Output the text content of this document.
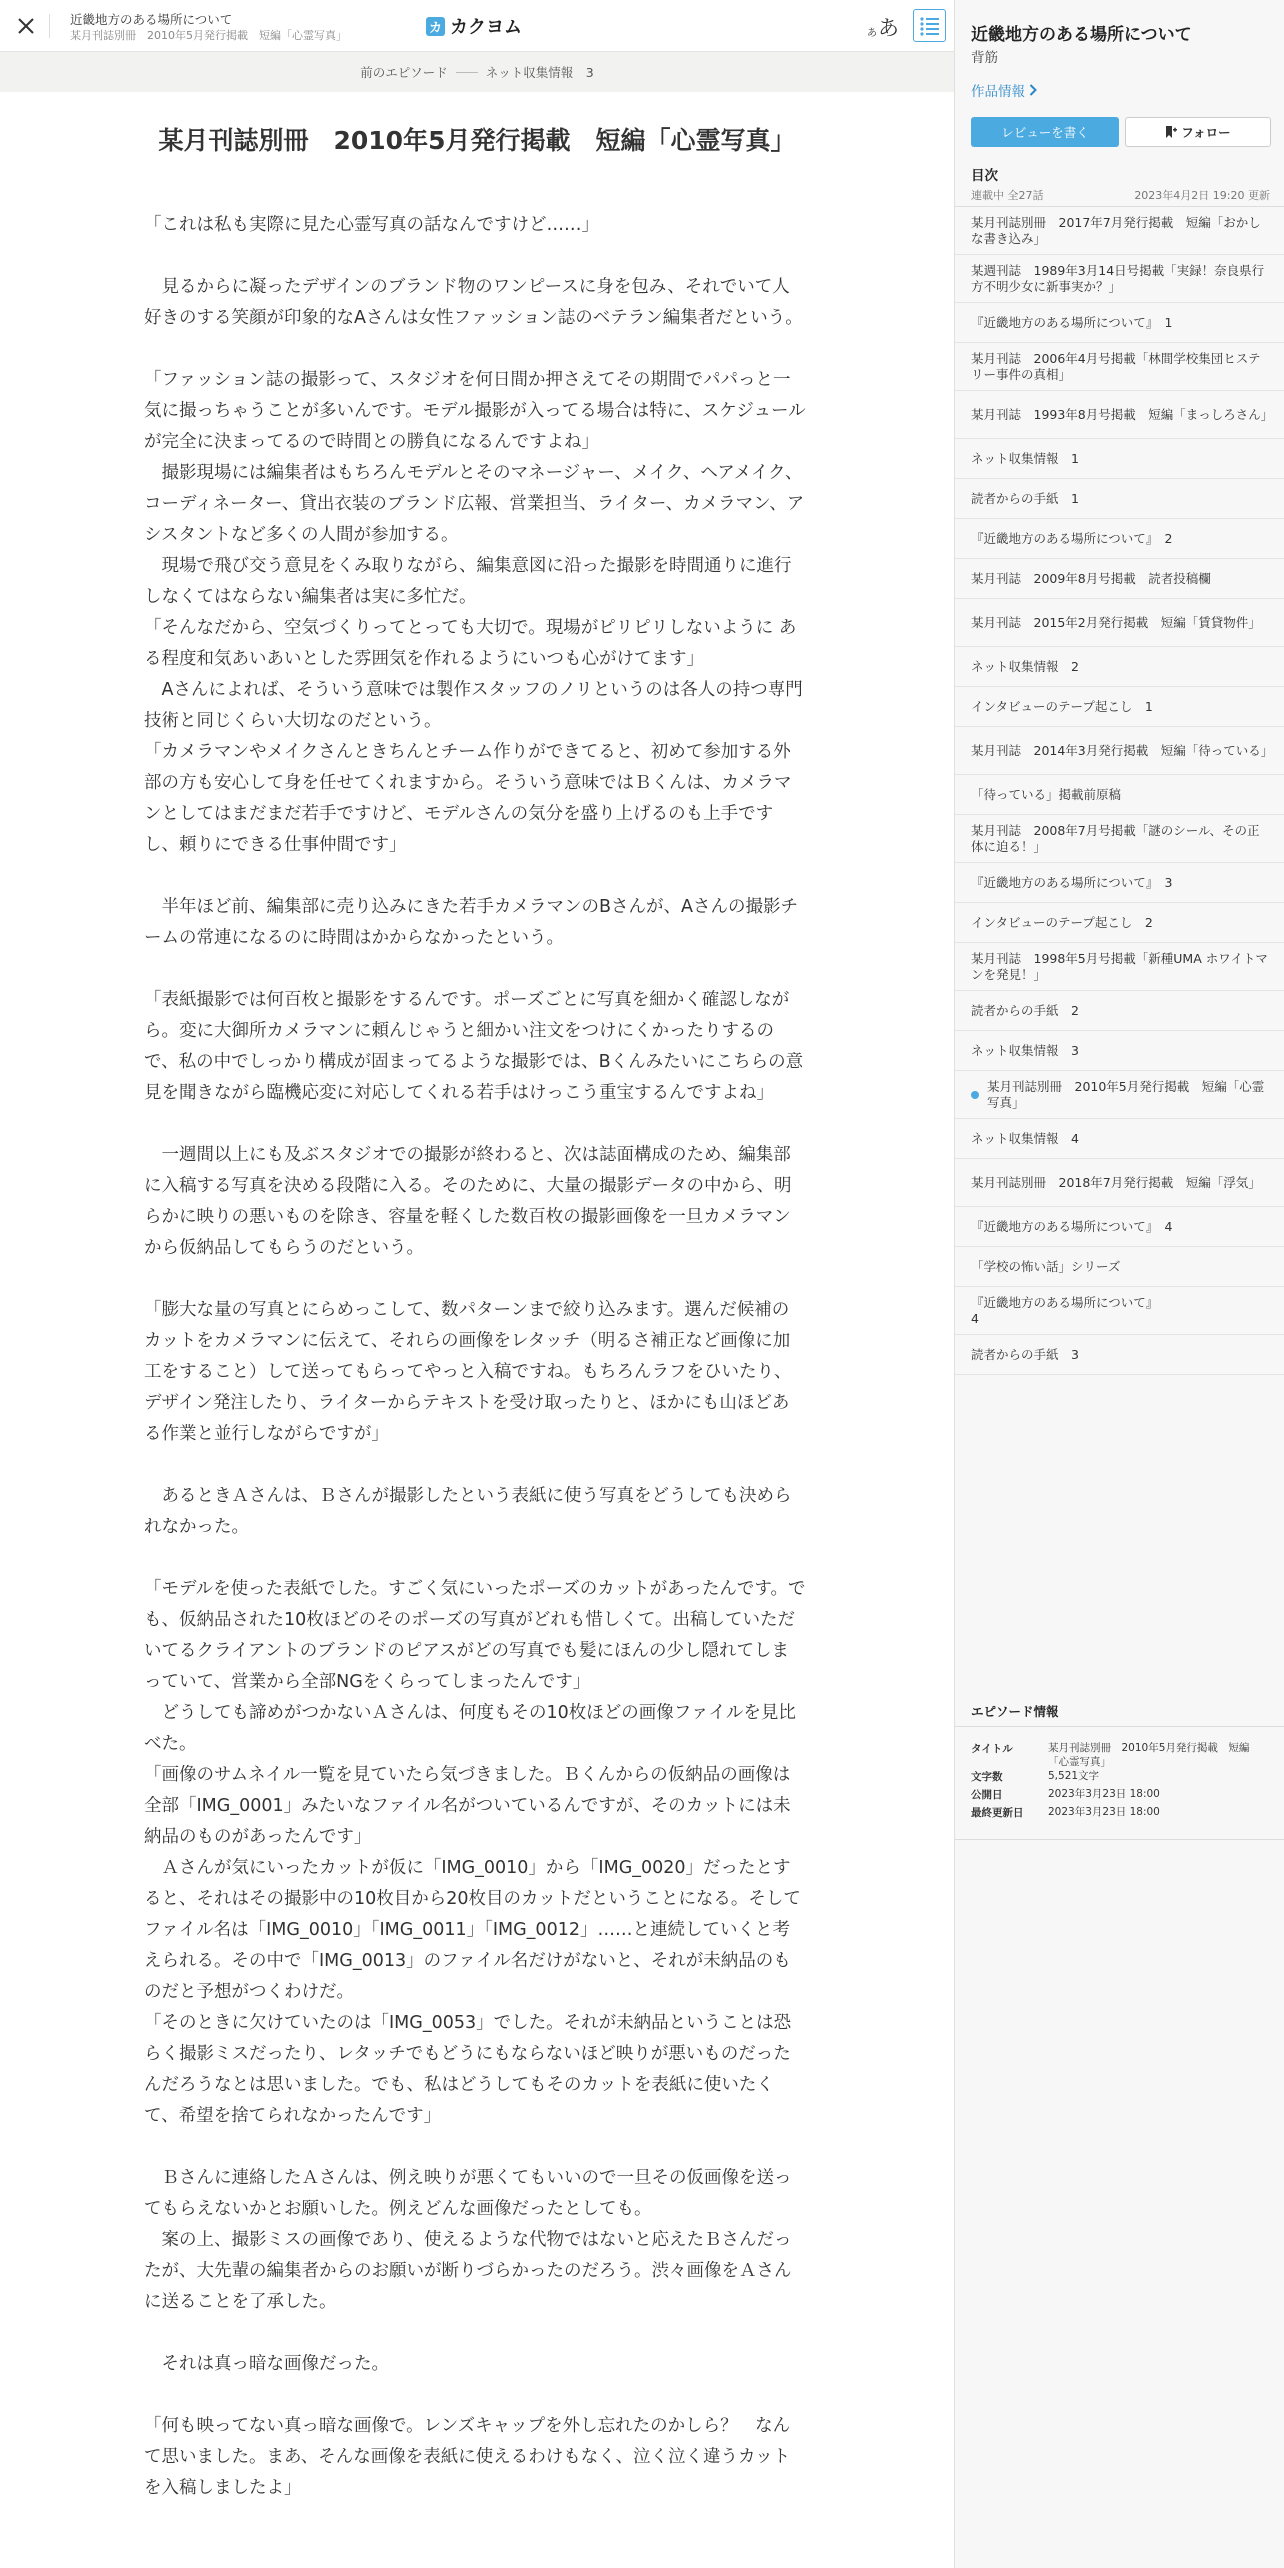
近畿地方のある場所について
某月刊誌別冊　2010年5月発行掲載　短編「心霊写真」	カ カクヨム	あ あ
前のエピソード	ネット収集情報　3
某月刊誌別冊　2010年5月発行掲載　短編「心霊写真」

「これは私も実際に見た心霊写真の話なんですけど……」

　見るからに凝ったデザインのブランド物のワンピースに身を包み、それでいて人好きのする笑顔が印象的なAさんは女性ファッション誌のベテラン編集者だという。

「ファッション誌の撮影って、スタジオを何日間か押さえてその期間でパパっと一気に撮っちゃうことが多いんです。モデル撮影が入ってる場合は特に、スケジュールが完全に決まってるので時間との勝負になるんですよね」

　撮影現場には編集者はもちろんモデルとそのマネージャー、メイク、ヘアメイク、コーディネーター、貸出衣装のブランド広報、営業担当、ライター、カメラマン、アシスタントなど多くの人間が参加する。

　現場で飛び交う意見をくみ取りながら、編集意図に沿った撮影を時間通りに進行しなくてはならない編集者は実に多忙だ。

「そんなだから、空気づくりってとっても大切で。現場がピリピリしないように ある程度和気あいあいとした雰囲気を作れるようにいつも心がけてます」

　Aさんによれば、そういう意味では製作スタッフのノリというのは各人の持つ専門技術と同じくらい大切なのだという。

「カメラマンやメイクさんときちんとチーム作りができてると、初めて参加する外部の方も安心して身を任せてくれますから。そういう意味ではＢくんは、カメラマンとしてはまだまだ若手ですけど、モデルさんの気分を盛り上げるのも上手ですし、頼りにできる仕事仲間です」

　半年ほど前、編集部に売り込みにきた若手カメラマンのBさんが、Aさんの撮影チームの常連になるのに時間はかからなかったという。

「表紙撮影では何百枚と撮影をするんです。ポーズごとに写真を細かく確認しながら。変に大御所カメラマンに頼んじゃうと細かい注文をつけにくかったりするので、私の中でしっかり構成が固まってるような撮影では、Bくんみたいにこちらの意見を聞きながら臨機応変に対応してくれる若手はけっこう重宝するんですよね」

　一週間以上にも及ぶスタジオでの撮影が終わると、次は誌面構成のため、編集部に入稿する写真を決める段階に入る。そのために、大量の撮影データの中から、明らかに映りの悪いものを除き、容量を軽くした数百枚の撮影画像を一旦カメラマンから仮納品してもらうのだという。

「膨大な量の写真とにらめっこして、数パターンまで絞り込みます。選んだ候補のカットをカメラマンに伝えて、それらの画像をレタッチ（明るさ補正など画像に加工をすること）して送ってもらってやっと入稿ですね。もちろんラフをひいたり、デザイン発注したり、ライターからテキストを受け取ったりと、ほかにも山ほどある作業と並行しながらですが」

　あるときＡさんは、Ｂさんが撮影したという表紙に使う写真をどうしても決められなかった。

「モデルを使った表紙でした。すごく気にいったポーズのカットがあったんです。でも、仮納品された10枚ほどのそのポーズの写真がどれも惜しくて。出稿していただいてるクライアントのブランドのピアスがどの写真でも髪にほんの少し隠れてしまっていて、営業から全部NGをくらってしまったんです」

　どうしても諦めがつかないＡさんは、何度もその10枚ほどの画像ファイルを見比べた。

「画像のサムネイル一覧を見ていたら気づきました。Ｂくんからの仮納品の画像は全部「IMG_0001」みたいなファイル名がついているんですが、そのカットには未納品のものがあったんです」

　Ａさんが気にいったカットが仮に「IMG_0010」から「IMG_0020」だったとすると、それはその撮影中の10枚目から20枚目のカットだということになる。そしてファイル名は「IMG_0010」「IMG_0011」「IMG_0012」……と連続していくと考えられる。その中で「IMG_0013」のファイル名だけがないと、それが未納品のものだと予想がつくわけだ。

「そのときに欠けていたのは「IMG_0053」でした。それが未納品ということは恐らく撮影ミスだったり、レタッチでもどうにもならないほど映りが悪いものだったんだろうなとは思いました。でも、私はどうしてもそのカットを表紙に使いたくて、希望を捨てられなかったんです」

　Ｂさんに連絡したＡさんは、例え映りが悪くてもいいので一旦その仮画像を送ってもらえないかとお願いした。例えどんな画像だったとしても。

　案の上、撮影ミスの画像であり、使えるような代物ではないと応えたＢさんだったが、大先輩の編集者からのお願いが断りづらかったのだろう。渋々画像をＡさんに送ることを了承した。

　それは真っ暗な画像だった。

「何も映ってない真っ暗な画像で。レンズキャップを外し忘れたのかしら？　なんて思いました。まあ、そんな画像を表紙に使えるわけもなく、泣く泣く違うカットを入稿しましたよ」

近畿地方のある場所について
背筋
作品情報
レビューを書く	フォロー
目次
連載中 全27話	2023年4月2日 19:20 更新
某月刊誌別冊　2017年7月発行掲載　短編「おかしな書き込み」
某週刊誌　1989年3月14日号掲載「実録！奈良県行方不明少女に新事実か？」
『近畿地方のある場所について』　1
某月刊誌　2006年4月号掲載「林間学校集団ヒステリー事件の真相」
某月刊誌　1993年8月号掲載　短編「まっしろさん」
ネット収集情報　1
読者からの手紙　1
『近畿地方のある場所について』　2
某月刊誌　2009年8月号掲載　読者投稿欄
某月刊誌　2015年2月発行掲載　短編「賃貸物件」
ネット収集情報　2
インタビューのテープ起こし　1
某月刊誌　2014年3月発行掲載　短編「待っている」
「待っている」掲載前原稿
某月刊誌　2008年7月号掲載「謎のシール、その正体に迫る！」
『近畿地方のある場所について』　3
インタビューのテープ起こし　2
某月刊誌　1998年5月号掲載「新種UMA ホワイトマンを発見！」
読者からの手紙　2
ネット収集情報　3
某月刊誌別冊　2010年5月発行掲載　短編「心霊写真」
ネット収集情報　4
某月刊誌別冊　2018年7月発行掲載　短編「浮気」
『近畿地方のある場所について』　4
「学校の怖い話」シリーズ
『近畿地方のある場所について』
4
読者からの手紙　3
エピソード情報
タイトル	某月刊誌別冊　2010年5月発行掲載　短編「心霊写真」
文字数	5,521文字
公開日	2023年3月23日 18:00
最終更新日	2023年3月23日 18:00
